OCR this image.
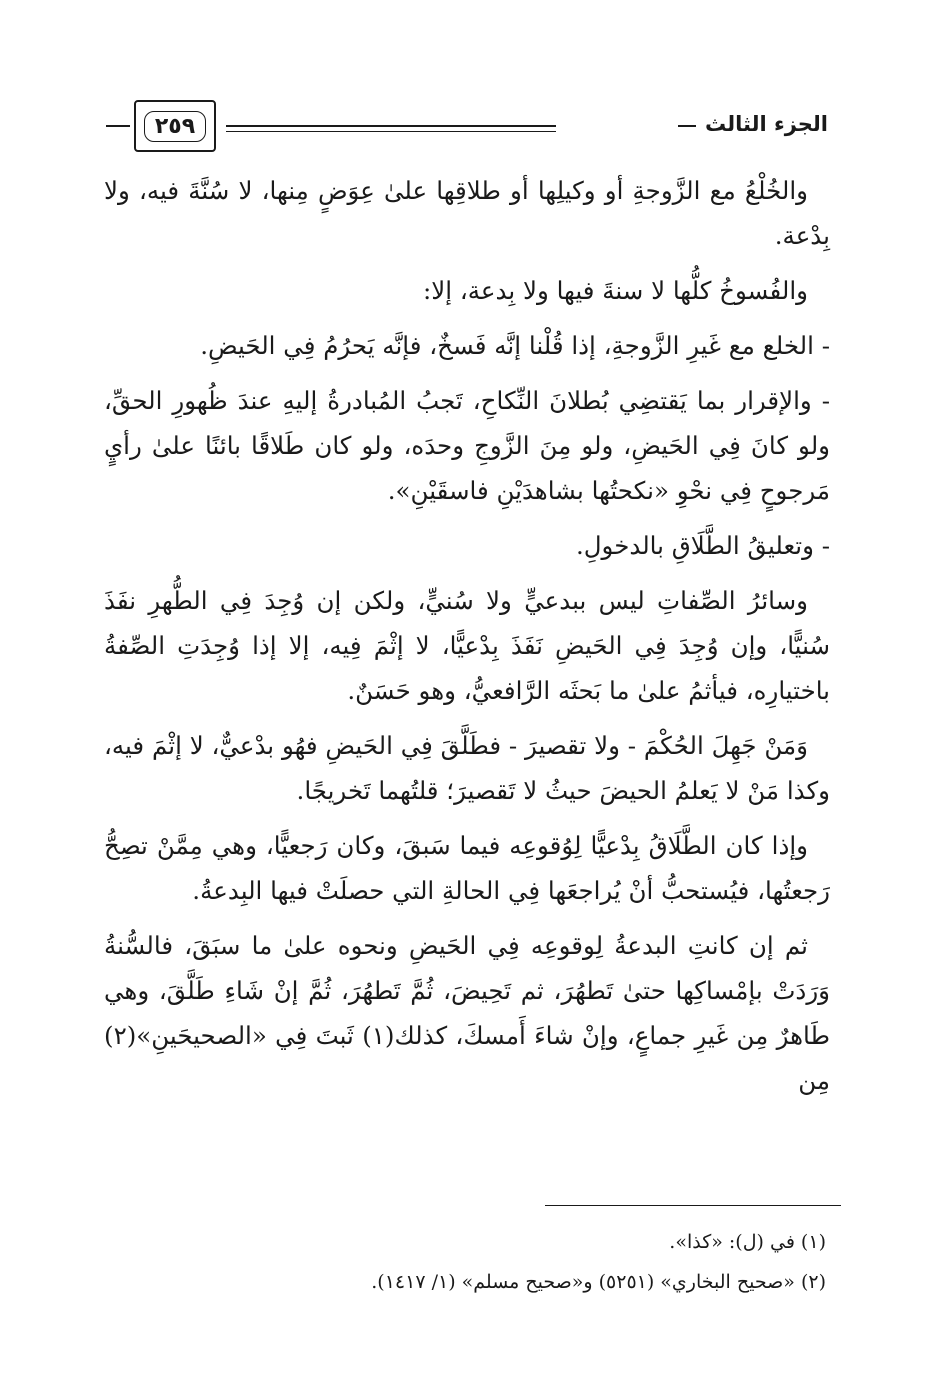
الجزء الثالث
٢٥٩

والخُلْعُ مع الزَّوجةِ أو وكيلِها أو طلاقِها علىٰ عِوَضٍ مِنها، لا سُنَّةَ فيه، ولا بِدْعة.

والفُسوخُ كلُّها لا سنةَ فيها ولا بِدعة، إلا:

- الخلع مع غَيرِ الزَّوجةِ، إذا قُلْنا إنَّه فَسخٌ، فإنَّه يَحرُمُ فِي الحَيضِ.

- والإقرار بما يَقتضِي بُطلانَ النِّكاحِ، تَجبُ المُبادرةُ إليهِ عندَ ظُهورِ الحقِّ، ولو كانَ فِي الحَيضِ، ولو مِنَ الزَّوجِ وحدَه، ولو كان طَلاقًا بائنًا علىٰ رأيٍ مَرجوحٍ فِي نحْوِ «نكحتُها بشاهدَيْنِ فاسقَيْنِ».

- وتعليقُ الطَّلَاقِ بالدخولِ.

وسائرُ الصِّفاتِ ليس ببدعيٍّ ولا سُنيٍّ، ولكن إن وُجِدَ فِي الطُّهرِ نفَذَ سُنيًّا، وإن وُجِدَ فِي الحَيضِ نَفَذَ بِدْعيًّا، لا إثْمَ فِيه، إلا إذا وُجِدَتِ الصِّفةُ باختيارِه، فيأثمُ علىٰ ما بَحثَه الرَّافعيُّ، وهو حَسَنٌ.

وَمَنْ جَهِلَ الحُكْمَ - ولا تقصيرَ - فطَلَّقَ فِي الحَيضِ فهُو بدْعيٌّ، لا إثْمَ فيه، وكذا مَنْ لا يَعلمُ الحيضَ حيثُ لا تَقصيرَ؛ قلتُهما تَخريجًا.

وإذا كان الطَّلَاقُ بِدْعيًّا لِوُقوعِه فيما سَبقَ، وكان رَجعيًّا، وهي مِمَّنْ تصِحُّ رَجعتُها، فيُستحبُّ أنْ يُراجعَها فِي الحالةِ التي حصلَتْ فيها البِدعةُ.

ثم إن كانتِ البدعةُ لِوقوعِه فِي الحَيضِ ونحوه علىٰ ما سبَقَ، فالسُّنةُ وَرَدَتْ بإمْساكِها حتىٰ تَطهُرَ، ثم تَحِيضَ، ثُمَّ تَطهُرَ، ثُمَّ إنْ شَاءِ طَلَّقَ، وهي طَاهرٌ مِن غَيرِ جماعٍ، وإنْ شاءَ أَمسكَ، كذلك(١) ثَبتَ فِي «الصحيحَينِ»(٢) مِن

(١) في (ل): «كذا».

(٢) «صحيح البخاري» (٥٢٥١) و«صحيح مسلم» (١/ ١٤١٧).
